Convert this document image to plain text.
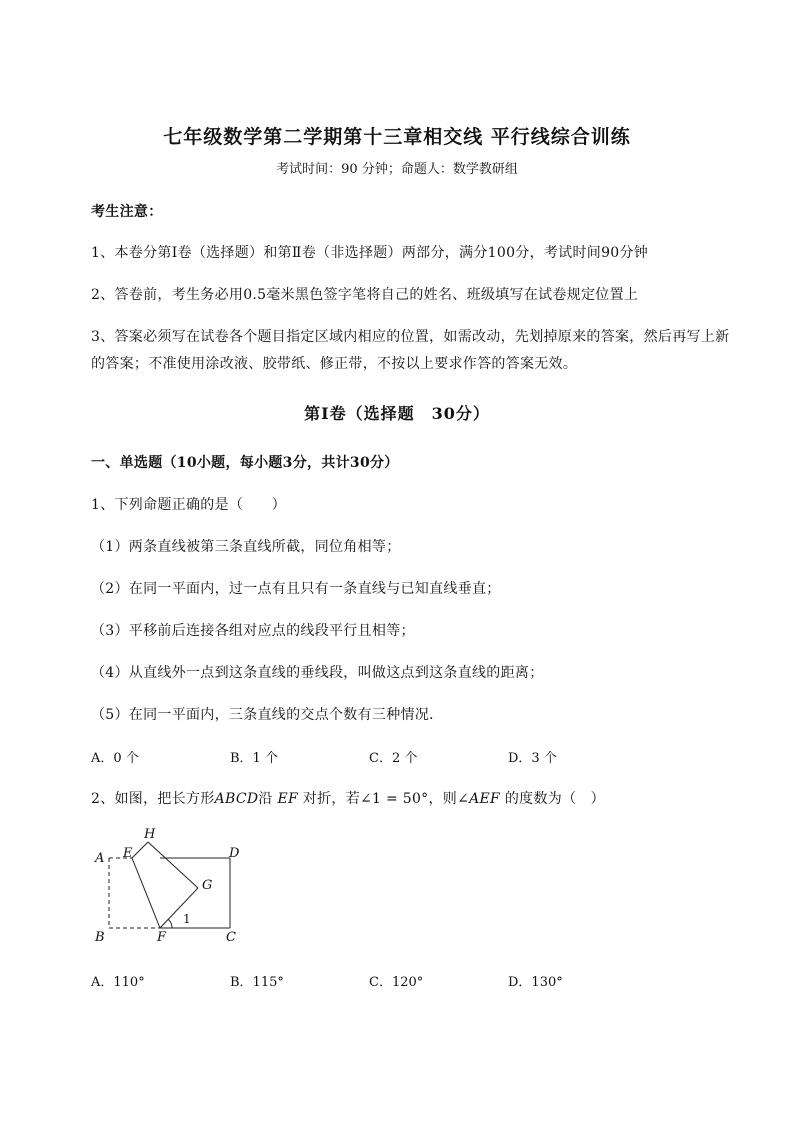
七年级数学第二学期第十三章相交线 平行线综合训练
考试时间：90 分钟；命题人：数学教研组
考生注意：
1、本卷分第Ⅰ卷（选择题）和第Ⅱ卷（非选择题）两部分，满分100分，考试时间90分钟
2、答卷前，考生务必用0.5毫米黑色签字笔将自己的姓名、班级填写在试卷规定位置上
3、答案必须写在试卷各个题目指定区域内相应的位置，如需改动，先划掉原来的答案，然后再写上新
的答案；不准使用涂改液、胶带纸、修正带，不按以上要求作答的答案无效。
第Ⅰ卷（选择题　30分）
一、单选题（10小题，每小题3分，共计30分）
1、下列命题正确的是（　　）
（1）两条直线被第三条直线所截，同位角相等；
（2）在同一平面内，过一点有且只有一条直线与已知直线垂直；
（3）平移前后连接各组对应点的线段平行且相等；
（4）从直线外一点到这条直线的垂线段，叫做这点到这条直线的距离；
（5）在同一平面内，三条直线的交点个数有三种情况．
A．0 个	B．1 个	C．2 个	D．3 个
2、如图，把长方形ABCD沿 EF 对折，若∠1 = 50°，则∠AEF 的度数为（　）
A E
H
D
G
1
B	F	C
A．110°	B．115°	C．120°	D．130°
